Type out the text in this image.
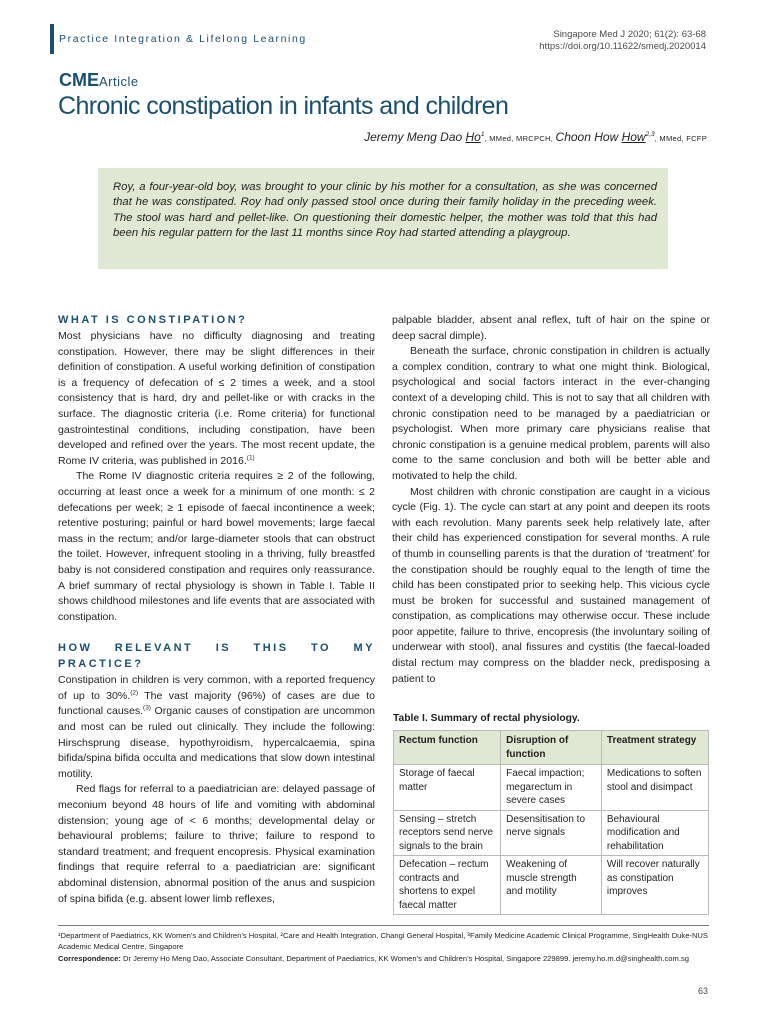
Practice Integration & Lifelong Learning	Singapore Med J 2020; 61(2): 63-68
https://doi.org/10.11622/smedj.2020014
CMEArticle
Chronic constipation in infants and children
Jeremy Meng Dao Ho$^1$, MMed, MRCPCH, Choon How How$^{2,3}$, MMed, FCFP
Roy, a four-year-old boy, was brought to your clinic by his mother for a consultation, as she was concerned that he was constipated. Roy had only passed stool once during their family holiday in the preceding week. The stool was hard and pellet-like. On questioning their domestic helper, the mother was told that this had been his regular pattern for the last 11 months since Roy had started attending a playgroup.
WHAT IS CONSTIPATION?

Most physicians have no difficulty diagnosing and treating constipation. However, there may be slight differences in their definition of constipation. A useful working definition of constipation is a frequency of defecation of ≤ 2 times a week, and a stool consistency that is hard, dry and pellet-like or with cracks in the surface. The diagnostic criteria (i.e. Rome criteria) for functional gastrointestinal conditions, including constipation, have been developed and refined over the years. The most recent update, the Rome IV criteria, was published in 2016.$^{(1)}$

The Rome IV diagnostic criteria requires ≥ 2 of the following, occurring at least once a week for a minimum of one month: ≤ 2 defecations per week; ≥ 1 episode of faecal incontinence a week; retentive posturing; painful or hard bowel movements; large faecal mass in the rectum; and/or large-diameter stools that can obstruct the toilet. However, infrequent stooling in a thriving, fully breastfed baby is not considered constipation and requires only reassurance. A brief summary of rectal physiology is shown in Table I. Table II shows childhood milestones and life events that are associated with constipation.

HOW RELEVANT IS THIS TO MY PRACTICE?

Constipation in children is very common, with a reported frequency of up to 30%.$^{(2)}$ The vast majority (96%) of cases are due to functional causes.$^{(3)}$ Organic causes of constipation are uncommon and most can be ruled out clinically. They include the following: Hirschsprung disease, hypothyroidism, hypercalcaemia, spina bifida/spina bifida occulta and medications that slow down intestinal motility.

Red flags for referral to a paediatrician are: delayed passage of meconium beyond 48 hours of life and vomiting with abdominal distension; young age of < 6 months; developmental delay or behavioural problems; failure to thrive; failure to respond to standard treatment; and frequent encopresis. Physical examination findings that require referral to a paediatrician are: significant abdominal distension, abnormal position of the anus and suspicion of spina bifida (e.g. absent lower limb reflexes,

palpable bladder, absent anal reflex, tuft of hair on the spine or deep sacral dimple).

Beneath the surface, chronic constipation in children is actually a complex condition, contrary to what one might think. Biological, psychological and social factors interact in the ever-changing context of a developing child. This is not to say that all children with chronic constipation need to be managed by a paediatrician or psychologist. When more primary care physicians realise that chronic constipation is a genuine medical problem, parents will also come to the same conclusion and both will be better able and motivated to help the child.

Most children with chronic constipation are caught in a vicious cycle (Fig. 1). The cycle can start at any point and deepen its roots with each revolution. Many parents seek help relatively late, after their child has experienced constipation for several months. A rule of thumb in counselling parents is that the duration of ‘treatment’ for the constipation should be roughly equal to the length of time the child has been constipated prior to seeking help. This vicious cycle must be broken for successful and sustained management of constipation, as complications may otherwise occur. These include poor appetite, failure to thrive, encopresis (the involuntary soiling of underwear with stool), anal fissures and cystitis (the faecal-loaded distal rectum may compress on the bladder neck, predisposing a patient to

Table I. Summary of rectal physiology.
Rectum function	Disruption of function	Treatment strategy
Storage of faecal matter	Faecal impaction; megarectum in severe cases	Medications to soften stool and disimpact
Sensing – stretch receptors send nerve signals to the brain	Desensitisation to nerve signals	Behavioural modification and rehabilitation
Defecation – rectum contracts and shortens to expel faecal matter	Weakening of muscle strength and motility	Will recover naturally as constipation improves
¹Department of Paediatrics, KK Women’s and Children’s Hospital, ²Care and Health Integration, Changi General Hospital, ³Family Medicine Academic Clinical Programme, SingHealth Duke-NUS Academic Medical Centre, Singapore
Correspondence: Dr Jeremy Ho Meng Dao, Associate Consultant, Department of Paediatrics, KK Women’s and Children’s Hospital, Singapore 229899. jeremy.ho.m.d@singhealth.com.sg
63
